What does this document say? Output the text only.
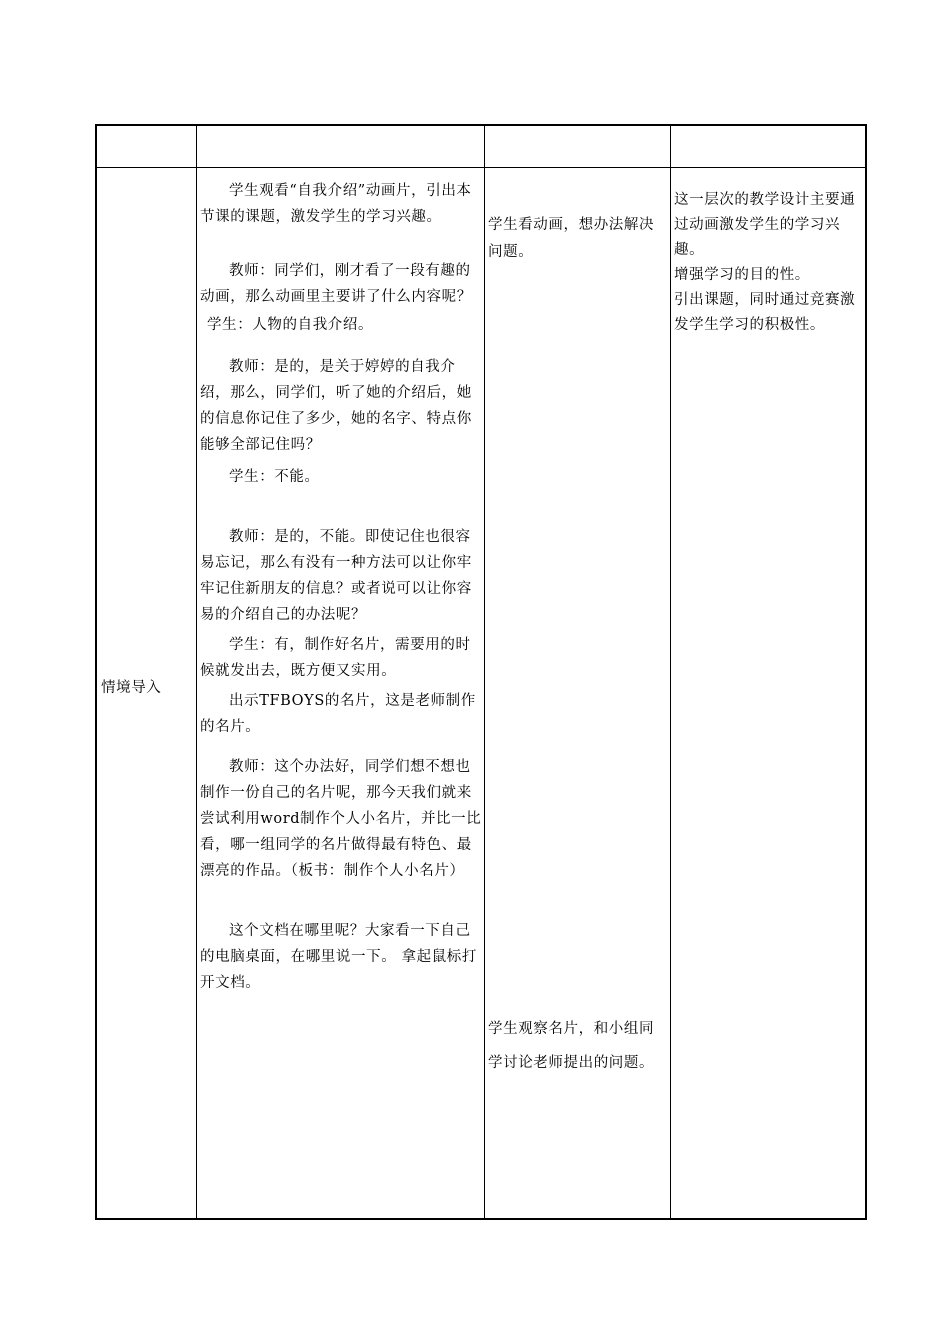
情境导入

学生观看“自我介绍”动画片，引出本节课的课题，激发学生的学习兴趣。

教师：同学们，刚才看了一段有趣的动画，那么动画里主要讲了什么内容呢？

学生：人物的自我介绍。

教师：是的，是关于婷婷的自我介绍，那么，同学们，听了她的介绍后，她的信息你记住了多少，她的名字、特点你能够全部记住吗？

学生：不能。

教师：是的，不能。即使记住也很容易忘记，那么有没有一种方法可以让你牢牢记住新朋友的信息？或者说可以让你容易的介绍自己的办法呢？

学生：有，制作好名片，需要用的时候就发出去，既方便又实用。

出示TFBOYS的名片，这是老师制作的名片。

教师：这个办法好，同学们想不想也制作一份自己的名片呢，那今天我们就来尝试利用word制作个人小名片，并比一比看，哪一组同学的名片做得最有特色、最漂亮的作品。（板书：制作个人小名片）

这个文档在哪里呢？大家看一下自己的电脑桌面，在哪里说一下。 拿起鼠标打开文档。

学生看动画，想办法解决问题。

学生观察名片，和小组同学讨论老师提出的问题。

这一层次的教学设计主要通过动画激发学生的学习兴趣。

增强学习的目的性。

引出课题，同时通过竞赛激发学生学习的积极性。
